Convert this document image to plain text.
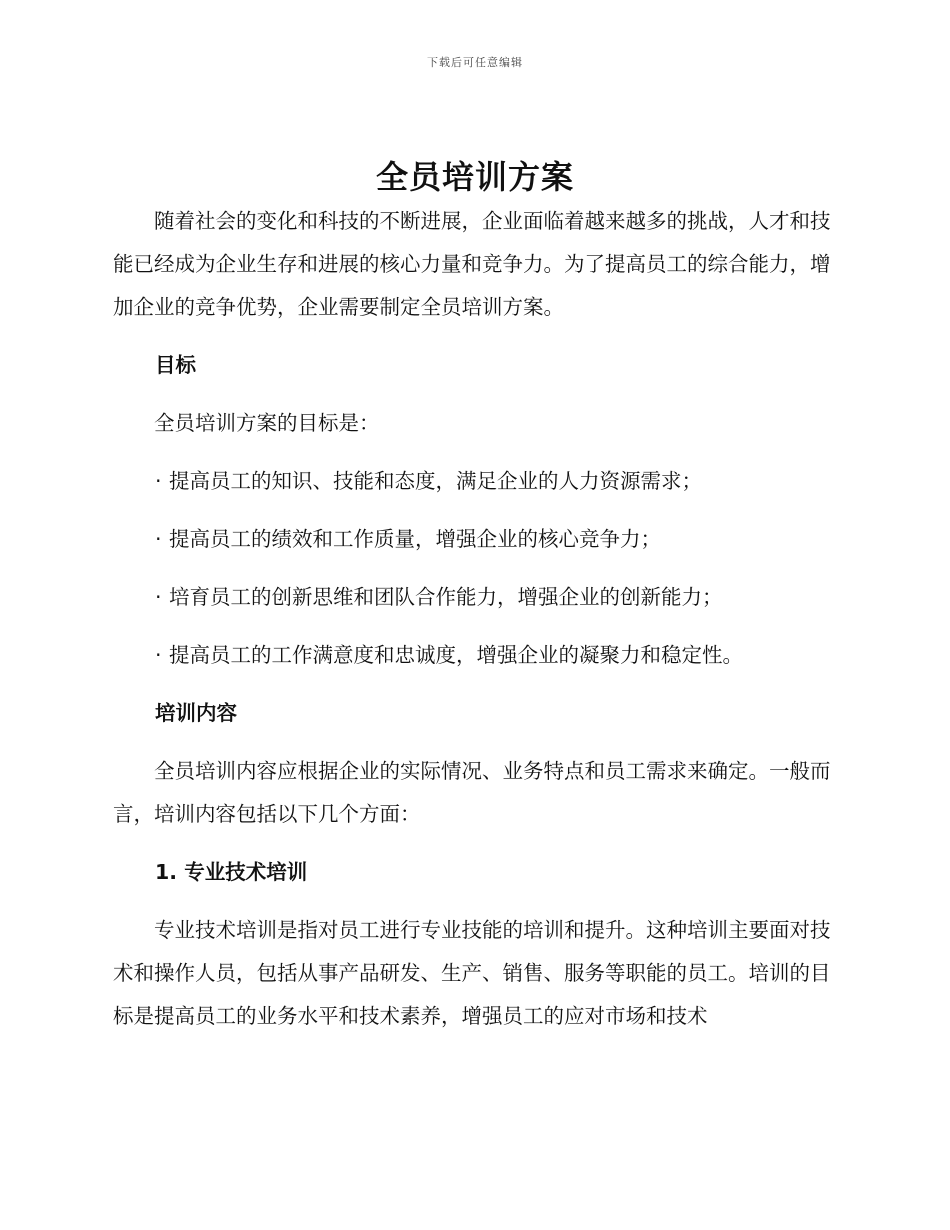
下载后可任意编辑
全员培训方案

随着社会的变化和科技的不断进展，企业面临着越来越多的挑战，人才和技能已经成为企业生存和进展的核心力量和竞争力。为了提高员工的综合能力，增加企业的竞争优势，企业需要制定全员培训方案。

目标

全员培训方案的目标是：

· 提高员工的知识、技能和态度，满足企业的人力资源需求；

· 提高员工的绩效和工作质量，增强企业的核心竞争力；

· 培育员工的创新思维和团队合作能力，增强企业的创新能力；

· 提高员工的工作满意度和忠诚度，增强企业的凝聚力和稳定性。

培训内容

全员培训内容应根据企业的实际情况、业务特点和员工需求来确定。一般而言，培训内容包括以下几个方面：

1. 专业技术培训

专业技术培训是指对员工进行专业技能的培训和提升。这种培训主要面对技术和操作人员，包括从事产品研发、生产、销售、服务等职能的员工。培训的目标是提高员工的业务水平和技术素养，增强员工的应对市场和技术
